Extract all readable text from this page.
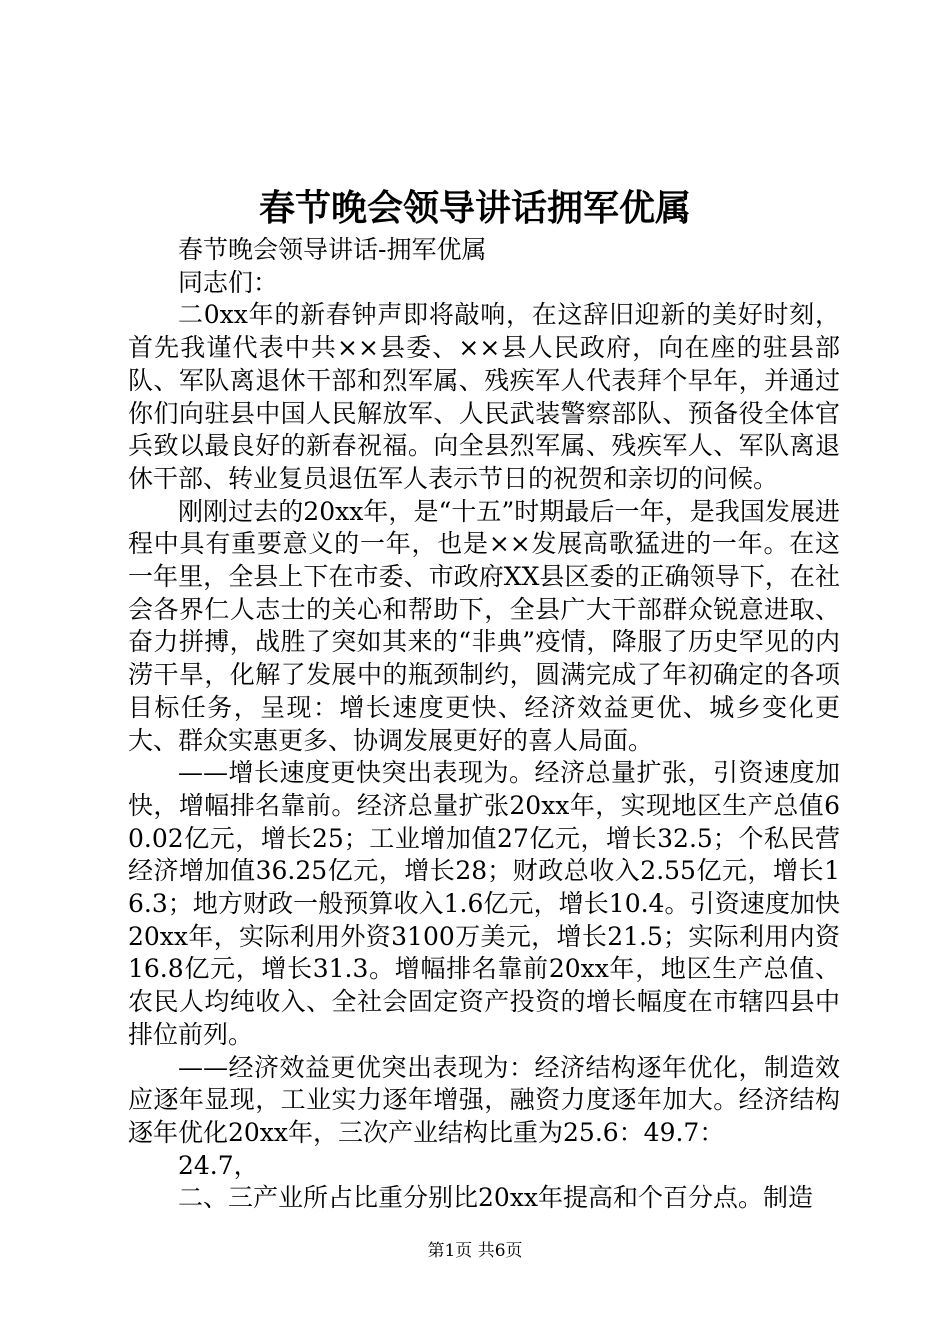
春节晚会领导讲话拥军优属

春节晚会领导讲话-拥军优属

同志们：

二0xx年的新春钟声即将敲响，在这辞旧迎新的美好时刻，首先我谨代表中共××县委、××县人民政府，向在座的驻县部队、军队离退休干部和烈军属、残疾军人代表拜个早年，并通过你们向驻县中国人民解放军、人民武装警察部队、预备役全体官兵致以最良好的新春祝福。向全县烈军属、残疾军人、军队离退休干部、转业复员退伍军人表示节日的祝贺和亲切的问候。

刚刚过去的20xx年，是“十五”时期最后一年，是我国发展进程中具有重要意义的一年，也是××发展高歌猛进的一年。在这一年里，全县上下在市委、市政府XX县区委的正确领导下，在社会各界仁人志士的关心和帮助下，全县广大干部群众锐意进取、奋力拼搏，战胜了突如其来的“非典”疫情，降服了历史罕见的内涝干旱，化解了发展中的瓶颈制约，圆满完成了年初确定的各项目标任务，呈现：增长速度更快、经济效益更优、城乡变化更大、群众实惠更多、协调发展更好的喜人局面。

——增长速度更快突出表现为。经济总量扩张，引资速度加快，增幅排名靠前。经济总量扩张20xx年，实现地区生产总值60.02亿元，增长25；工业增加值27亿元，增长32.5；个私民营经济增加值36.25亿元，增长28；财政总收入2.55亿元，增长16.3；地方财政一般预算收入1.6亿元，增长10.4。引资速度加快20xx年，实际利用外资3100万美元，增长21.5；实际利用内资16.8亿元，增长31.3。增幅排名靠前20xx年，地区生产总值、农民人均纯收入、全社会固定资产投资的增长幅度在市辖四县中排位前列。

——经济效益更优突出表现为：经济结构逐年优化，制造效应逐年显现，工业实力逐年增强，融资力度逐年加大。经济结构逐年优化20xx年，三次产业结构比重为25.6：49.7：

24.7，

二、三产业所占比重分别比20xx年提高和个百分点。制造

第1页 共6页
